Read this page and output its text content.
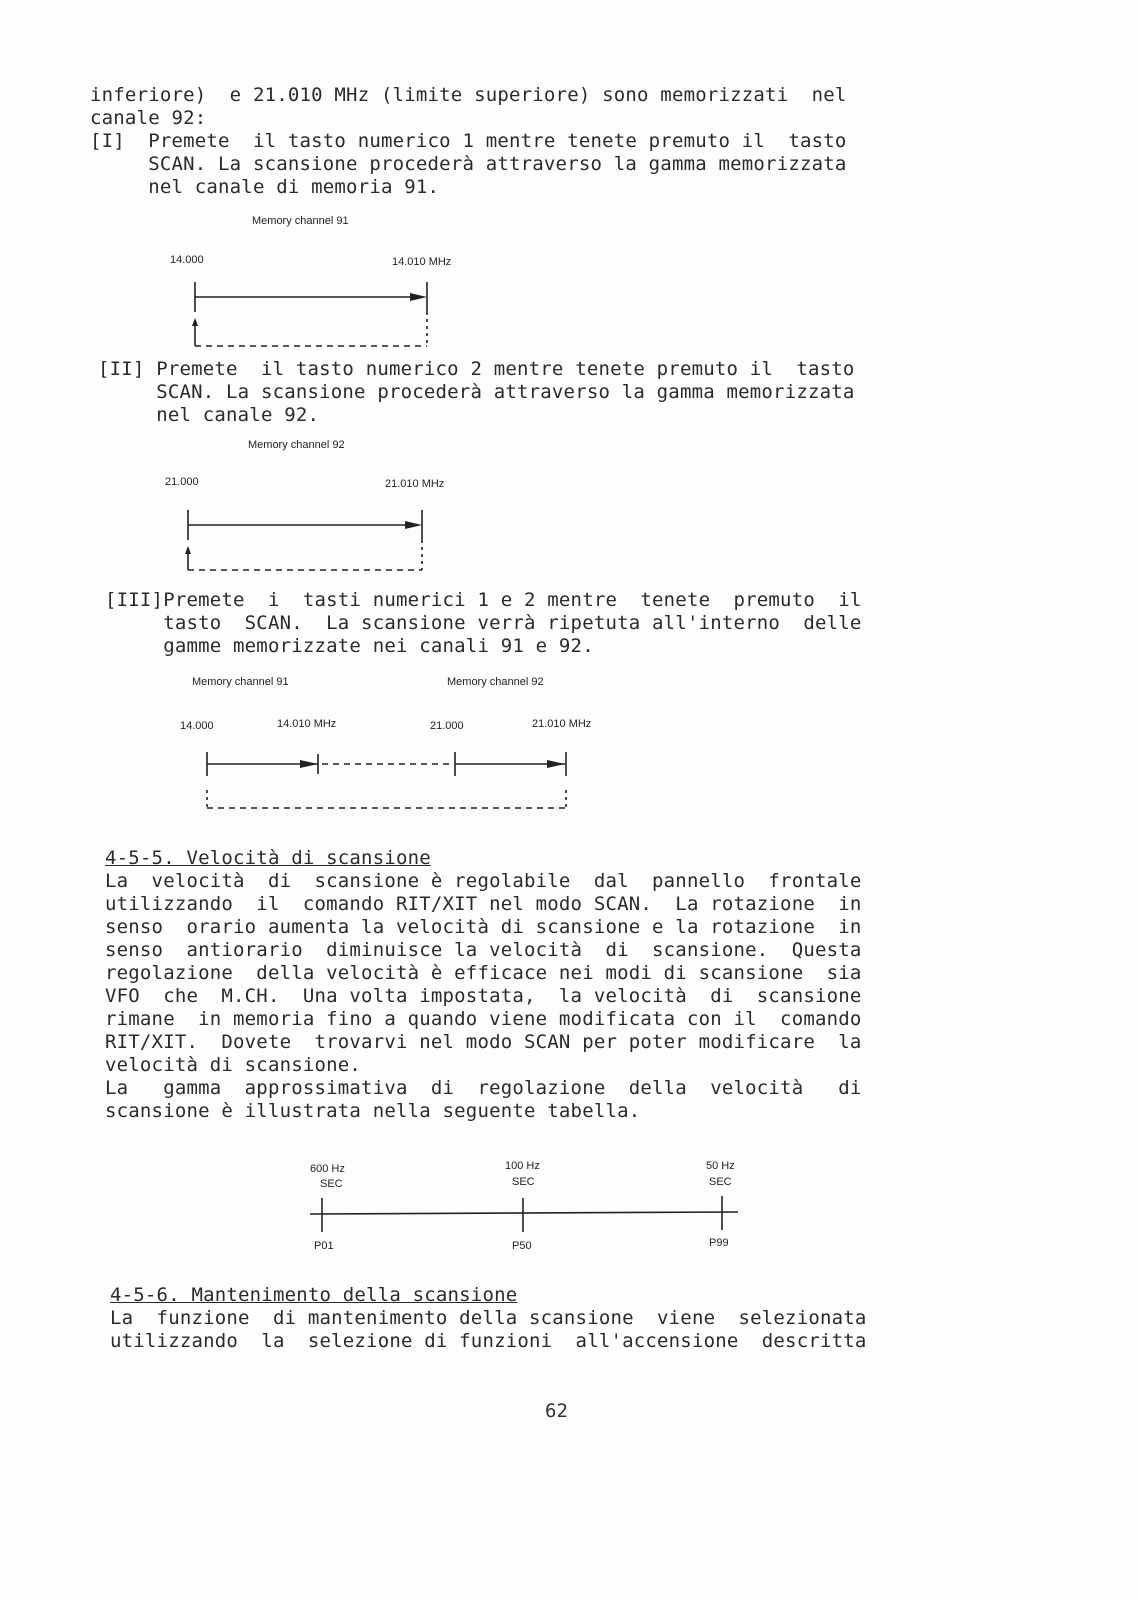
inferiore)  e 21.010 MHz (limite superiore) sono memorizzati  nel
canale 92:
[I]  Premete  il tasto numerico 1 mentre tenete premuto il  tasto
SCAN. La scansione procederà attraverso la gamma memorizzata
nel canale di memoria 91.
Memory channel 91
14.000	14.010 MHz
[II] Premete  il tasto numerico 2 mentre tenete premuto il  tasto
SCAN. La scansione procederà attraverso la gamma memorizzata
nel canale 92.
Memory channel 92
21.000	21.010 MHz
[III]Premete  i  tasti numerici 1 e 2 mentre  tenete  premuto  il
tasto  SCAN.  La scansione verrà ripetuta all'interno  delle
gamme memorizzate nei canali 91 e 92.
Memory channel 91	Memory channel 92
14.000	14.010 MHz	21.000	21.010 MHz
4-5-5. Velocità di scansione
La  velocità  di  scansione è regolabile  dal  pannello  frontale
utilizzando  il  comando RIT/XIT nel modo SCAN.  La rotazione  in
senso  orario aumenta la velocità di scansione e la rotazione  in
senso  antiorario  diminuisce la velocità  di  scansione.  Questa
regolazione  della velocità è efficace nei modi di scansione  sia
VFO  che  M.CH.  Una volta impostata,  la velocità  di  scansione
rimane  in memoria fino a quando viene modificata con il  comando
RIT/XIT.  Dovete  trovarvi nel modo SCAN per poter modificare  la
velocità di scansione.
La   gamma  approssimativa  di  regolazione  della  velocità   di
scansione è illustrata nella seguente tabella.
600 Hz
SEC
P01
100 Hz
SEC
P50
50 Hz
SEC
P99
4-5-6. Mantenimento della scansione
La  funzione  di mantenimento della scansione  viene  selezionata
utilizzando  la  selezione di funzioni  all'accensione  descritta
62
